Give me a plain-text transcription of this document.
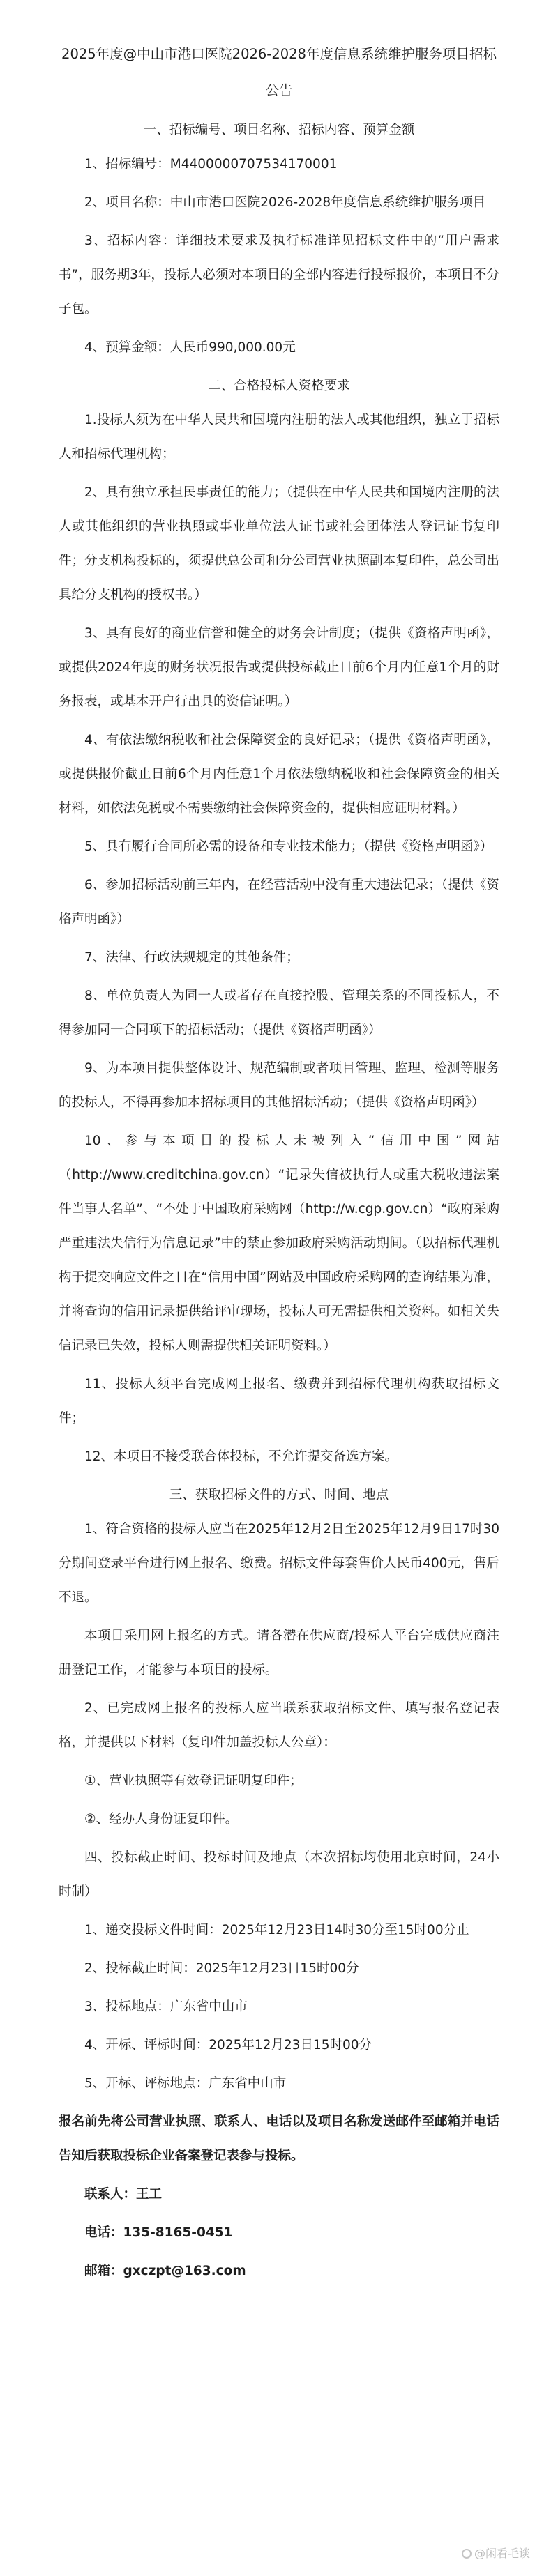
2025年度@中山市港口医院2026-2028年度信息系统维护服务项目招标公告
一、招标编号、项目名称、招标内容、预算金额
1、招标编号：M4400000707534170001
2、项目名称：中山市港口医院2026-2028年度信息系统维护服务项目
3、招标内容：详细技术要求及执行标准详见招标文件中的“用户需求书”，服务期3年，投标人必须对本项目的全部内容进行投标报价，本项目不分子包。
4、预算金额：人民币990,000.00元
二、合格投标人资格要求
1.投标人须为在中华人民共和国境内注册的法人或其他组织，独立于招标人和招标代理机构；
2、具有独立承担民事责任的能力；（提供在中华人民共和国境内注册的法人或其他组织的营业执照或事业单位法人证书或社会团体法人登记证书复印件；分支机构投标的，须提供总公司和分公司营业执照副本复印件，总公司出具给分支机构的授权书。）
3、具有良好的商业信誉和健全的财务会计制度；（提供《资格声明函》，或提供2024年度的财务状况报告或提供投标截止日前6个月内任意1个月的财务报表，或基本开户行出具的资信证明。）
4、有依法缴纳税收和社会保障资金的良好记录；（提供《资格声明函》，或提供报价截止日前6个月内任意1个月依法缴纳税收和社会保障资金的相关材料，如依法免税或不需要缴纳社会保障资金的，提供相应证明材料。）
5、具有履行合同所必需的设备和专业技术能力；（提供《资格声明函》）
6、参加招标活动前三年内，在经营活动中没有重大违法记录；（提供《资格声明函》）
7、法律、行政法规规定的其他条件；
8、单位负责人为同一人或者存在直接控股、管理关系的不同投标人，不得参加同一合同项下的招标活动；（提供《资格声明函》）
9、为本项目提供整体设计、规范编制或者项目管理、监理、检测等服务的投标人，不得再参加本招标项目的其他招标活动；（提供《资格声明函》）
10、参与本项目的投标人未被列入“信用中国”网站（http://www.creditchina.gov.cn）“记录失信被执行人或重大税收违法案件当事人名单”、“不处于中国政府采购网（http://w.cgp.gov.cn）“政府采购严重违法失信行为信息记录”中的禁止参加政府采购活动期间。（以招标代理机构于提交响应文件之日在“信用中国”网站及中国政府采购网的查询结果为准，并将查询的信用记录提供给评审现场，投标人可无需提供相关资料。如相关失信记录已失效，投标人则需提供相关证明资料。）
11、投标人须平台完成网上报名、缴费并到招标代理机构获取招标文件；
12、本项目不接受联合体投标，不允许提交备选方案。
三、获取招标文件的方式、时间、地点
1、符合资格的投标人应当在2025年12月2日至2025年12月9日17时30分期间登录平台进行网上报名、缴费。招标文件每套售价人民币400元，售后不退。
本项目采用网上报名的方式。请各潜在供应商/投标人平台完成供应商注册登记工作，才能参与本项目的投标。
2、已完成网上报名的投标人应当联系获取招标文件、填写报名登记表格，并提供以下材料（复印件加盖投标人公章）：
①、营业执照等有效登记证明复印件；
②、经办人身份证复印件。
四、投标截止时间、投标时间及地点（本次招标均使用北京时间，24小时制）
1、递交投标文件时间：2025年12月23日14时30分至15时00分止
2、投标截止时间：2025年12月23日15时00分
3、投标地点：广东省中山市
4、开标、评标时间：2025年12月23日15时00分
5、开标、评标地点：广东省中山市
报名前先将公司营业执照、联系人、电话以及项目名称发送邮件至邮箱并电话告知后获取投标企业备案登记表参与投标。
联系人：王工
电话：135-8165-0451
邮箱：gxczpt@163.com
@闲看毛谈
